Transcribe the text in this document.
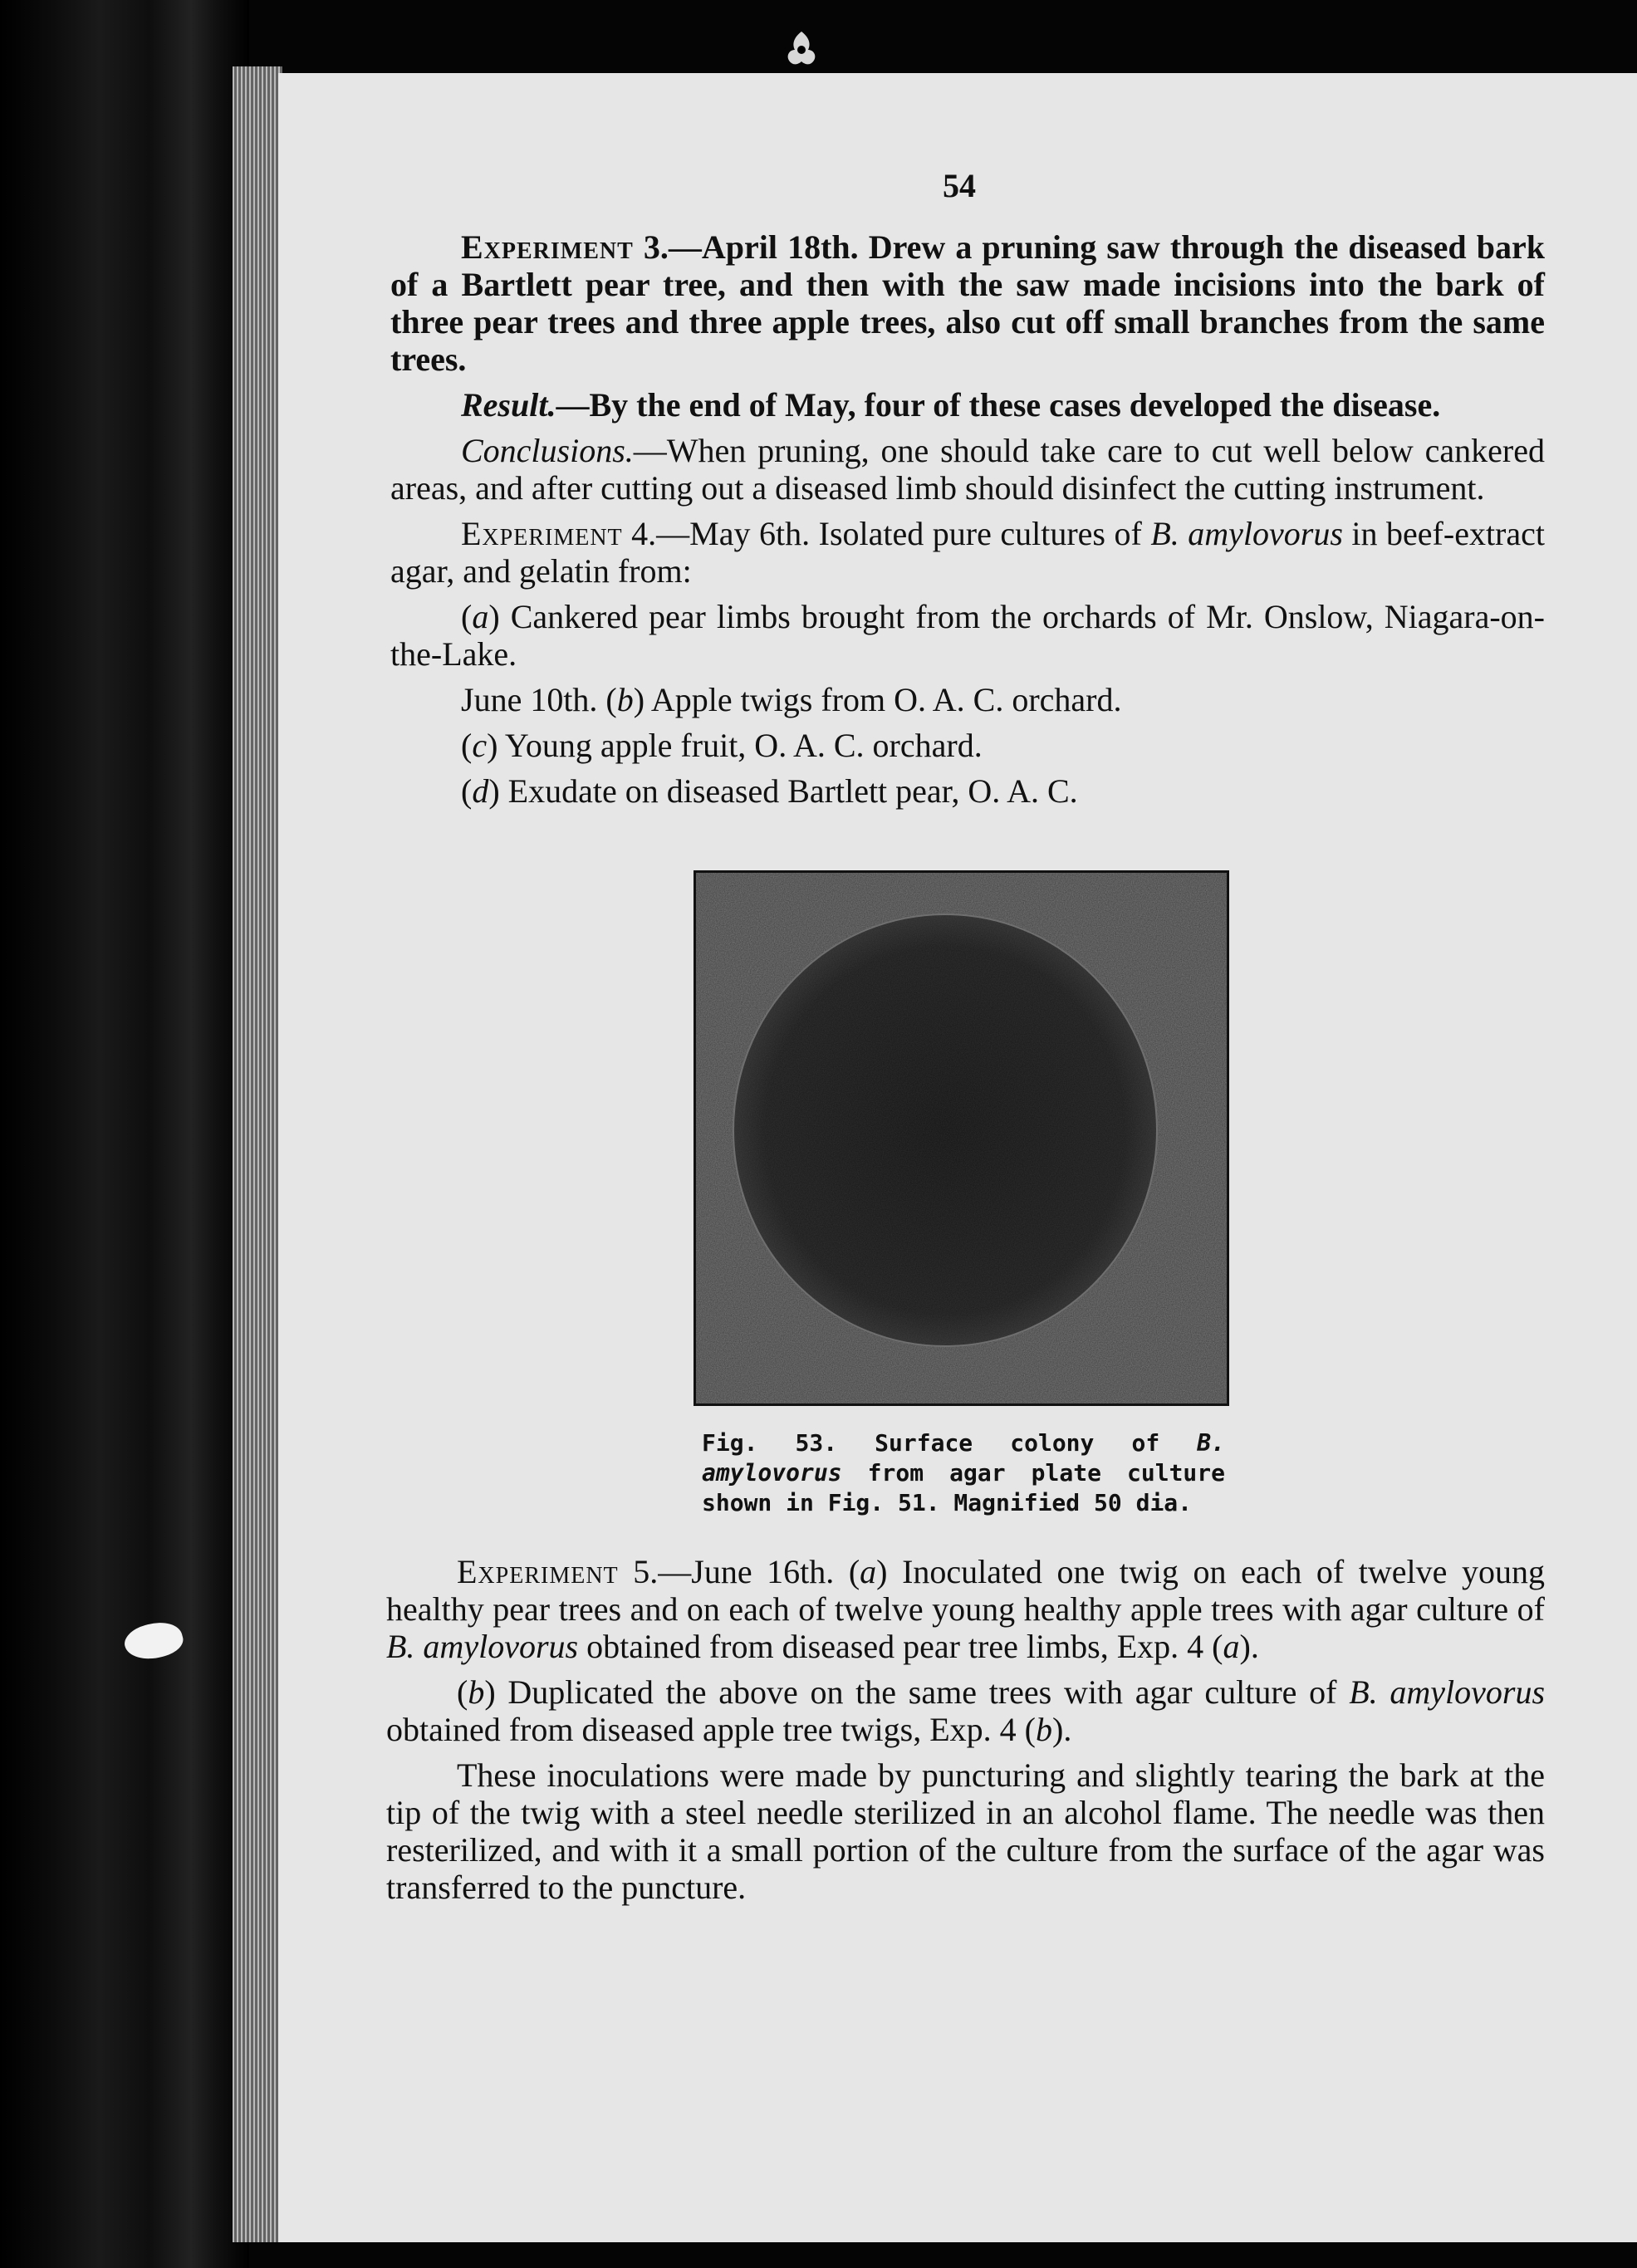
54

Experiment 3.—April 18th. Drew a pruning saw through the diseased bark of a Bartlett pear tree, and then with the saw made incisions into the bark of three pear trees and three apple trees, also cut off small branches from the same trees.

Result.—By the end of May, four of these cases developed the disease.

Conclusions.—When pruning, one should take care to cut well below cankered areas, and after cutting out a diseased limb should disinfect the cutting instrument.

Experiment 4.—May 6th. Isolated pure cultures of B. amylovorus in beef-extract agar, and gelatin from:

(a) Cankered pear limbs brought from the orchards of Mr. Onslow, Niagara-on-the-Lake.

June 10th. (b) Apple twigs from O. A. C. orchard.

(c) Young apple fruit, O. A. C. orchard.

(d) Exudate on diseased Bartlett pear, O. A. C.

Fig. 53. Surface colony of B. amylovorus from agar plate culture shown in Fig. 51. Magnified 50 dia.

Experiment 5.—June 16th. (a) Inoculated one twig on each of twelve young healthy pear trees and on each of twelve young healthy apple trees with agar culture of B. amylovorus obtained from diseased pear tree limbs, Exp. 4 (a).

(b) Duplicated the above on the same trees with agar culture of B. amylovorus obtained from diseased apple tree twigs, Exp. 4 (b).

These inoculations were made by puncturing and slightly tearing the bark at the tip of the twig with a steel needle sterilized in an alcohol flame. The needle was then resterilized, and with it a small portion of the culture from the surface of the agar was transferred to the puncture.
